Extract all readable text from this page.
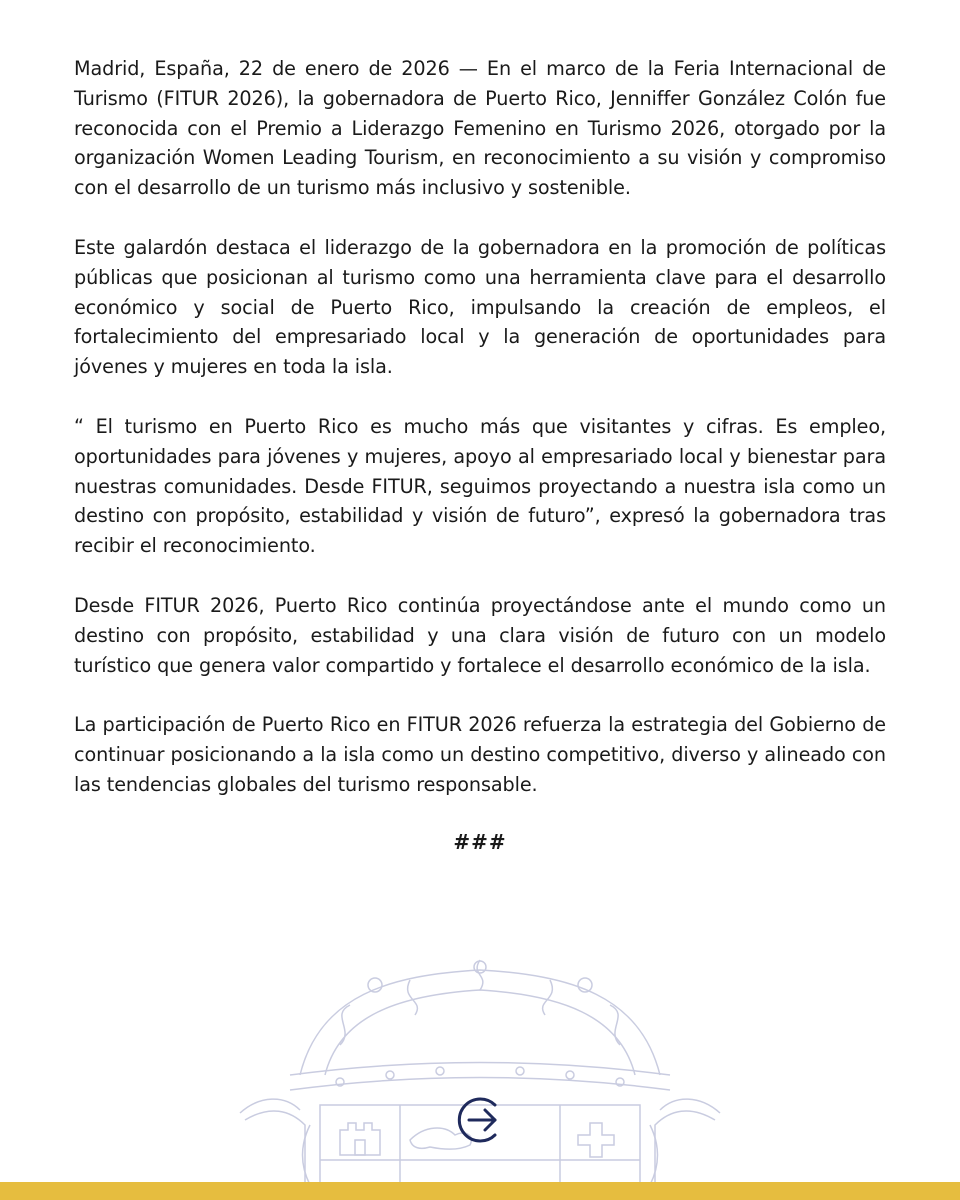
Madrid, España, 22 de enero de 2026 — En el marco de la Feria Internacional de Turismo (FITUR 2026), la gobernadora de Puerto Rico, Jenniffer González Colón fue reconocida con el Premio a Liderazgo Femenino en Turismo 2026, otorgado por la organización Women Leading Tourism, en reconocimiento a su visión y compromiso con el desarrollo de un turismo más inclusivo y sostenible.

Este galardón destaca el liderazgo de la gobernadora en la promoción de políticas públicas que posicionan al turismo como una herramienta clave para el desarrollo económico y social de Puerto Rico, impulsando la creación de empleos, el fortalecimiento del empresariado local y la generación de oportunidades para jóvenes y mujeres en toda la isla.

“ El turismo en Puerto Rico es mucho más que visitantes y cifras. Es empleo, oportunidades para jóvenes y mujeres, apoyo al empresariado local y bienestar para nuestras comunidades. Desde FITUR, seguimos proyectando a nuestra isla como un destino con propósito, estabilidad y visión de futuro”, expresó la gobernadora tras recibir el reconocimiento.

Desde FITUR 2026, Puerto Rico continúa proyectándose ante el mundo como un destino con propósito, estabilidad y una clara visión de futuro con un modelo turístico que genera valor compartido y fortalece el desarrollo económico de la isla.

La participación de Puerto Rico en FITUR 2026 refuerza la estrategia del Gobierno de continuar posicionando a la isla como un destino competitivo, diverso y alineado con las tendencias globales del turismo responsable.

###
